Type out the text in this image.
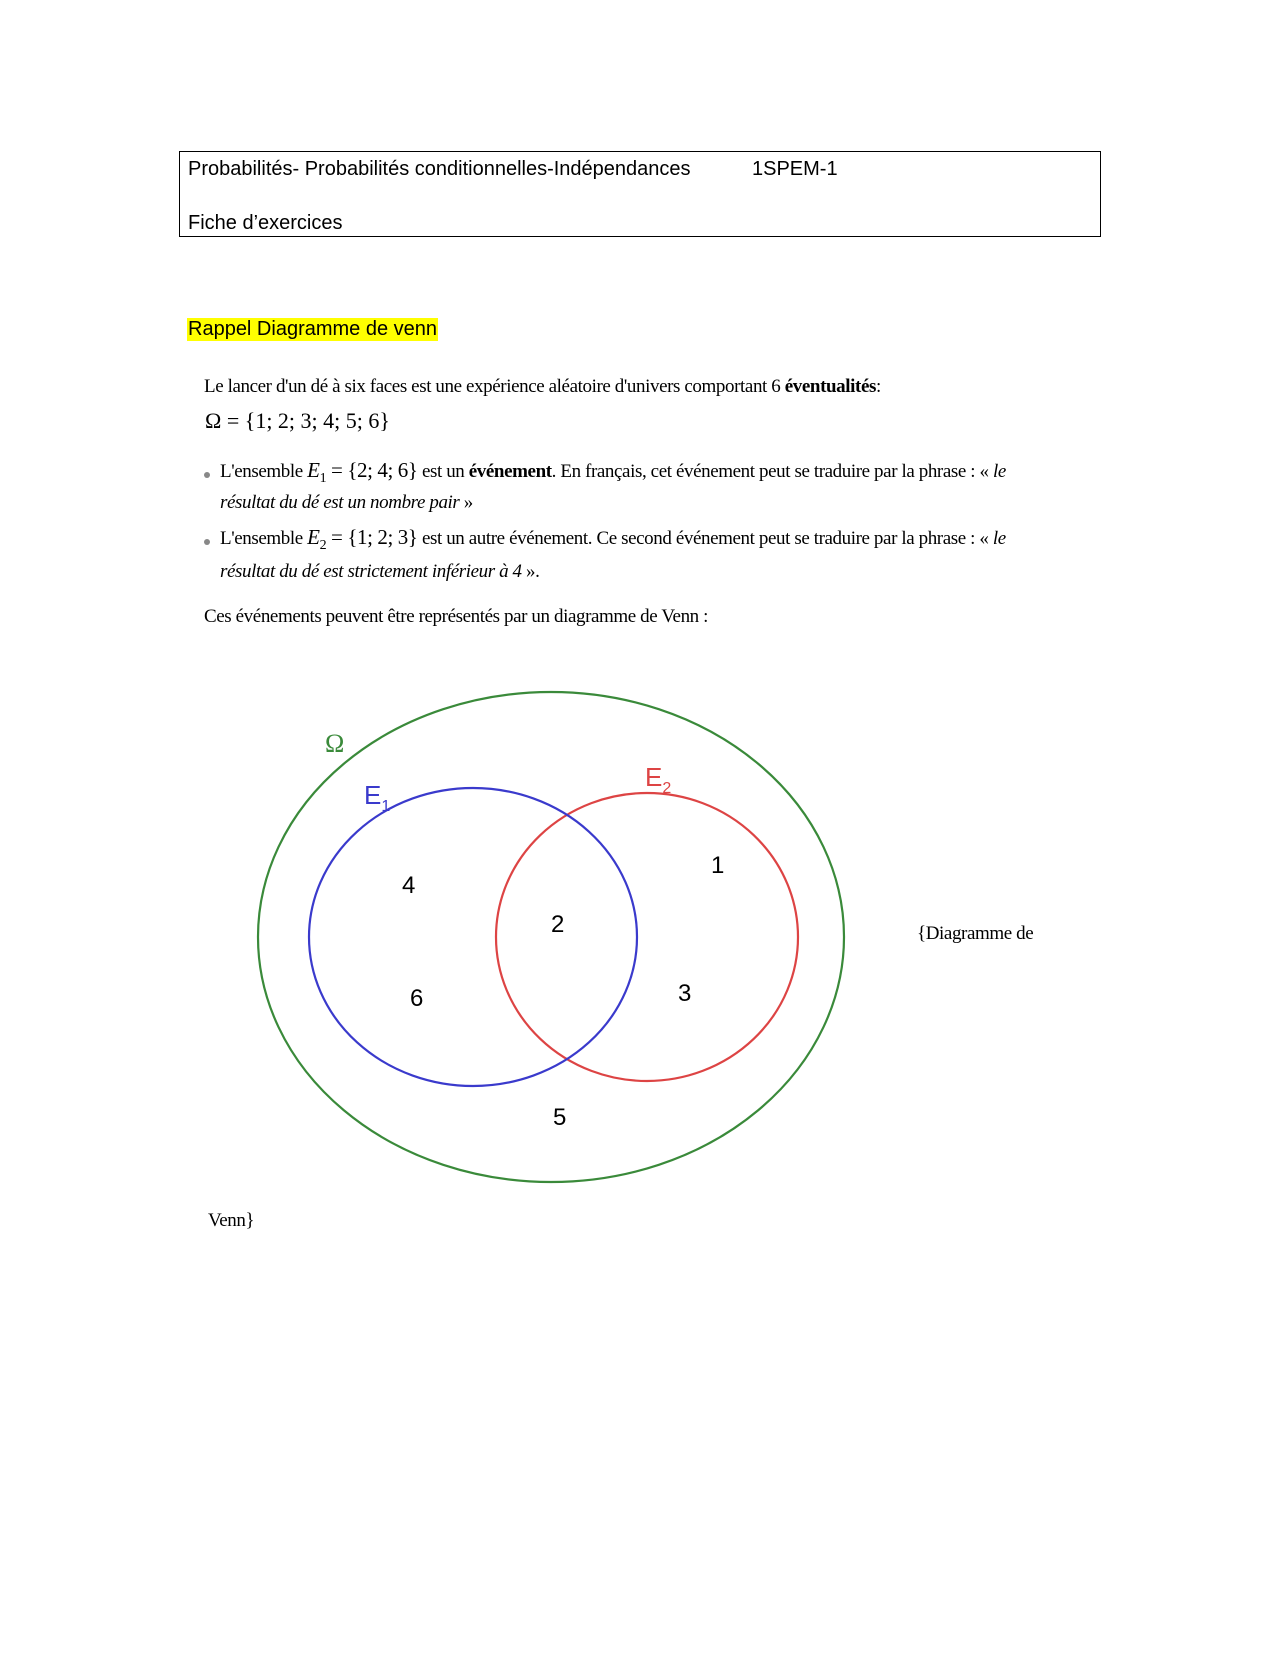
Probabilités- Probabilités conditionnelles-Indépendances	1SPEM-1
Fiche d’exercices
Rappel Diagramme de venn
Le lancer d'un dé à six faces est une expérience aléatoire d'univers comportant 6 éventualités:
Ω = {1; 2; 3; 4; 5; 6}
L'ensemble $E_1 = \{2$; 4; 6} est un événement. En français, cet événement peut se traduire par la phrase : « le
résultat du dé est un nombre pair »
L'ensemble $E_2 = \{1$; 2; 3} est un autre événement. Ce second événement peut se traduire par la phrase : « le
résultat du dé est strictement inférieur à 4 ».
Ces événements peuvent être représentés par un diagramme de Venn :
Ω
$E_1$
$E_2$
4
6
2
1
3
5
{Diagramme de
Venn}
